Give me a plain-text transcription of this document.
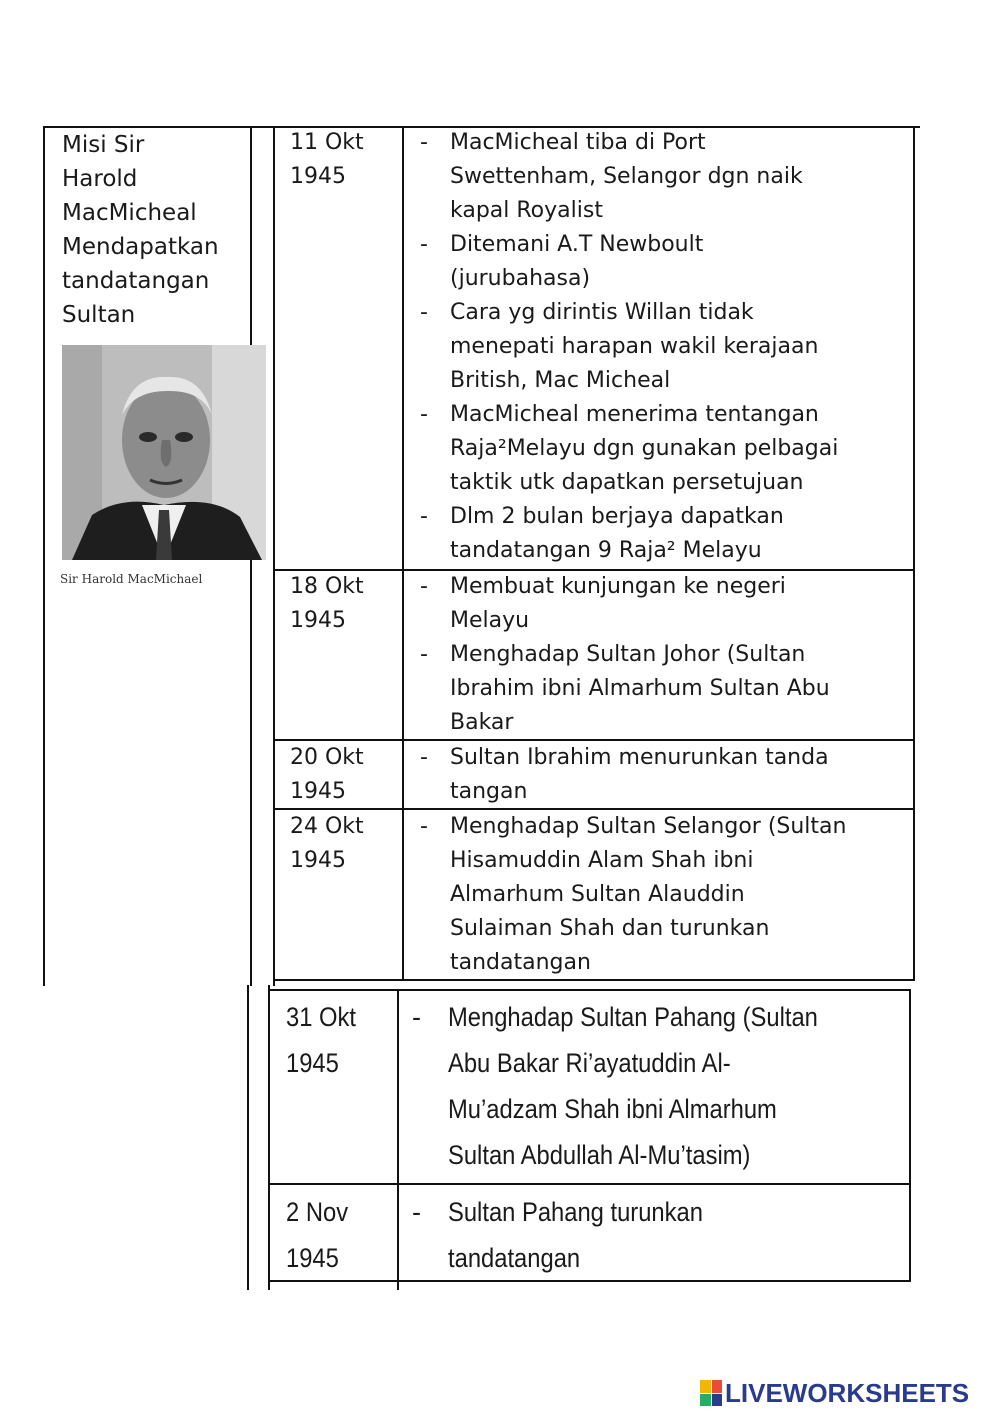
Misi Sir
Harold
MacMicheal
Mendapatkan
tandatangan
Sultan
Sir Harold MacMichael
11 Okt
1945
- MacMicheal tiba di Port
Swettenham, Selangor dgn naik
kapal Royalist
- Ditemani A.T Newboult
(jurubahasa)
- Cara yg dirintis Willan tidak
menepati harapan wakil kerajaan
British, Mac Micheal
- MacMicheal menerima tentangan
Raja²Melayu dgn gunakan pelbagai
taktik utk dapatkan persetujuan
- Dlm 2 bulan berjaya dapatkan
tandatangan 9 Raja² Melayu
18 Okt
1945
- Membuat kunjungan ke negeri
Melayu
- Menghadap Sultan Johor (Sultan
Ibrahim ibni Almarhum Sultan Abu
Bakar
20 Okt
1945
- Sultan Ibrahim menurunkan tanda
tangan
24 Okt
1945
- Menghadap Sultan Selangor (Sultan
Hisamuddin Alam Shah ibni
Almarhum Sultan Alauddin
Sulaiman Shah dan turunkan
tandatangan
31 Okt
1945
- Menghadap Sultan Pahang (Sultan
Abu Bakar Ri’ayatuddin Al-
Mu’adzam Shah ibni Almarhum
Sultan Abdullah Al-Mu’tasim)
2 Nov
1945
- Sultan Pahang turunkan
tandatangan
LIVEWORKSHEETS
